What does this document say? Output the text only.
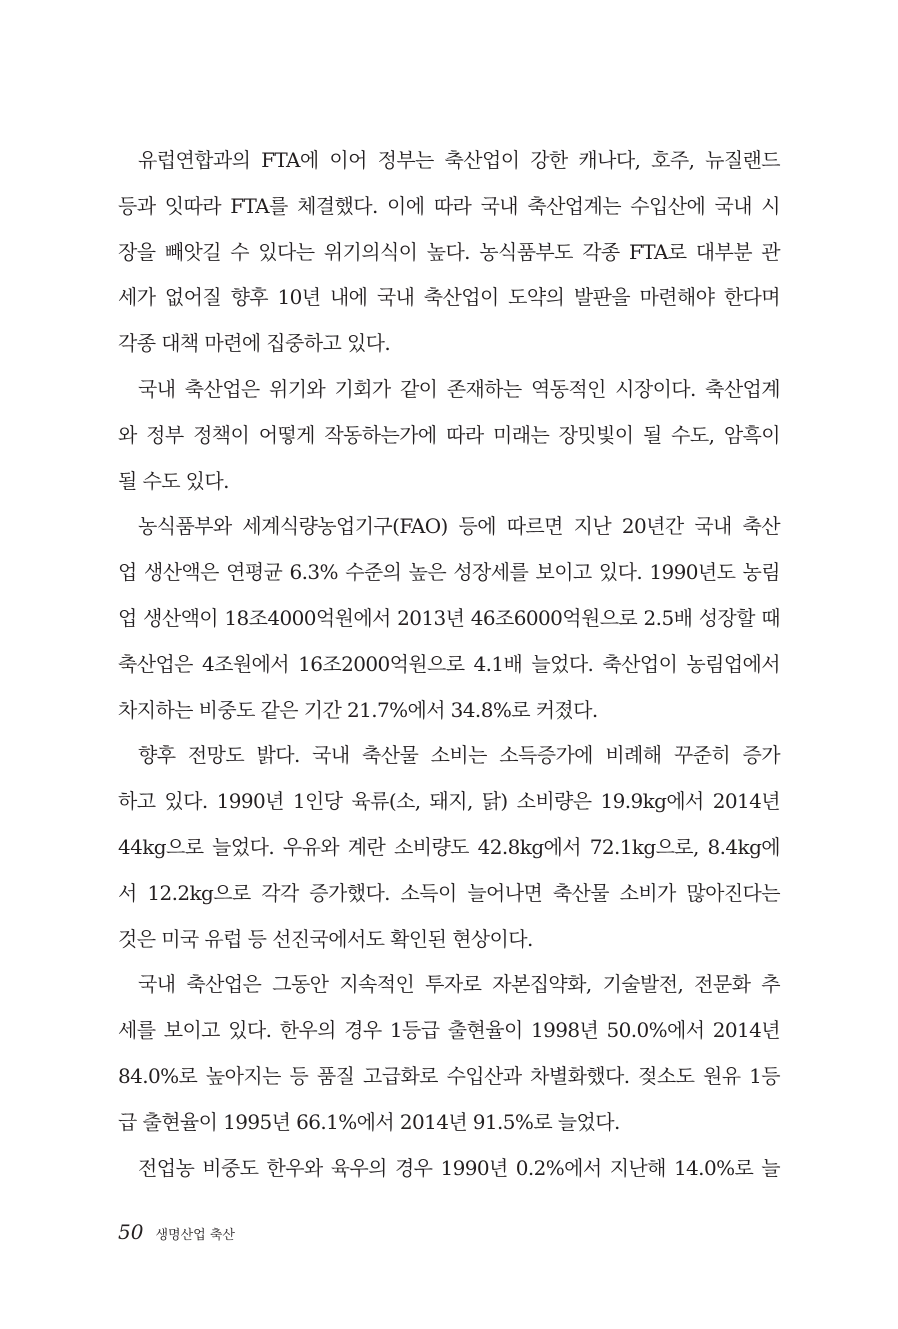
유럽연합과의 FTA에 이어 정부는 축산업이 강한 캐나다, 호주, 뉴질랜드
등과 잇따라 FTA를 체결했다. 이에 따라 국내 축산업계는 수입산에 국내 시
장을 빼앗길 수 있다는 위기의식이 높다. 농식품부도 각종 FTA로 대부분 관
세가 없어질 향후 10년 내에 국내 축산업이 도약의 발판을 마련해야 한다며
각종 대책 마련에 집중하고 있다.
국내 축산업은 위기와 기회가 같이 존재하는 역동적인 시장이다. 축산업계
와 정부 정책이 어떻게 작동하는가에 따라 미래는 장밋빛이 될 수도, 암흑이
될 수도 있다.
농식품부와 세계식량농업기구(FAO) 등에 따르면 지난 20년간 국내 축산
업 생산액은 연평균 6.3% 수준의 높은 성장세를 보이고 있다. 1990년도 농림
업 생산액이 18조4000억원에서 2013년 46조6000억원으로 2.5배 성장할 때
축산업은 4조원에서 16조2000억원으로 4.1배 늘었다. 축산업이 농림업에서
차지하는 비중도 같은 기간 21.7%에서 34.8%로 커졌다.
향후 전망도 밝다. 국내 축산물 소비는 소득증가에 비례해 꾸준히 증가
하고 있다. 1990년 1인당 육류(소, 돼지, 닭) 소비량은 19.9kg에서 2014년
44kg으로 늘었다. 우유와 계란 소비량도 42.8kg에서 72.1kg으로, 8.4kg에
서 12.2kg으로 각각 증가했다. 소득이 늘어나면 축산물 소비가 많아진다는
것은 미국 유럽 등 선진국에서도 확인된 현상이다.
국내 축산업은 그동안 지속적인 투자로 자본집약화, 기술발전, 전문화 추
세를 보이고 있다. 한우의 경우 1등급 출현율이 1998년 50.0%에서 2014년
84.0%로 높아지는 등 품질 고급화로 수입산과 차별화했다. 젖소도 원유 1등
급 출현율이 1995년 66.1%에서 2014년 91.5%로 늘었다.
전업농 비중도 한우와 육우의 경우 1990년 0.2%에서 지난해 14.0%로 늘
50 생명산업 축산
